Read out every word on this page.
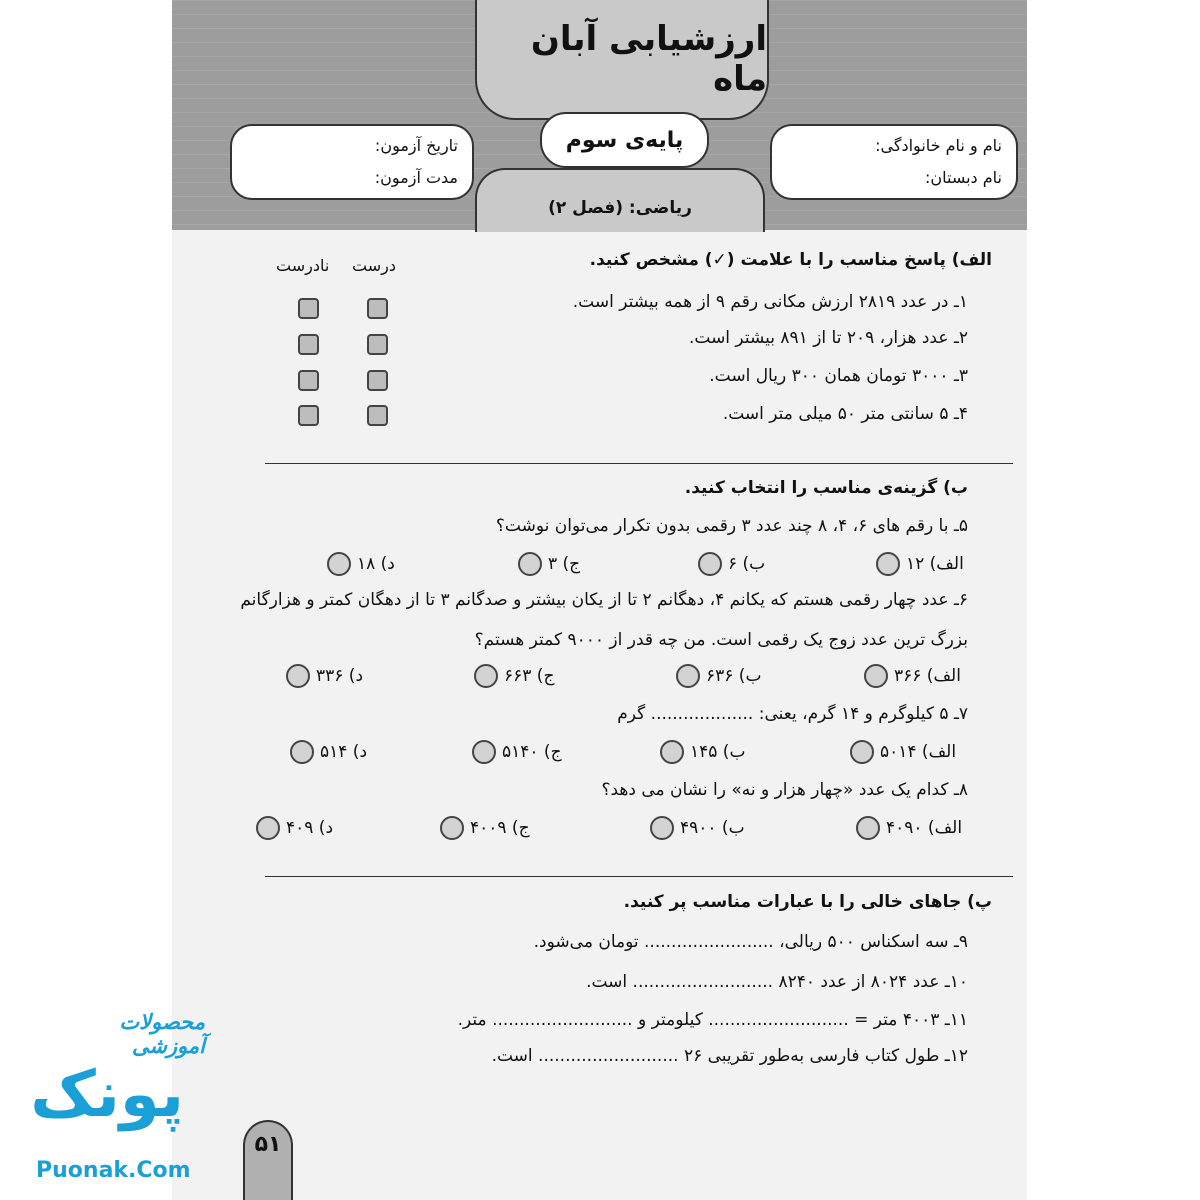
ارزشیابی آبان ماه
نام و نام خانوادگی:
نام دبستان:
تاریخ آزمون:
مدت آزمون:
ریاضی: (فصل ۲)
پایه‌ی سوم
الف) پاسخ مناسب را با علامت (✓) مشخص کنید.
درست
نادرست
۱ـ در عدد ۲۸۱۹ ارزش مکانی رقم ۹ از همه بیشتر است.
۲ـ عدد هزار، ۲۰۹ تا از ۸۹۱ بیشتر است.
۳ـ ۳۰۰۰ تومان همان ۳۰۰ ریال است.
۴ـ ۵ سانتی متر ۵۰ میلی متر است.
ب) گزینه‌ی مناسب را انتخاب کنید.
۵ـ با رقم های ۶، ۴، ۸ چند عدد ۳ رقمی بدون تکرار می‌توان نوشت؟
الف) ۱۲
ب) ۶
ج) ۳
د) ۱۸
۶ـ عدد چهار رقمی هستم که یکانم ۴، دهگانم ۲ تا از یکان بیشتر و صدگانم ۳ تا از دهگان کمتر و هزارگانم
بزرگ ترین عدد زوج یک رقمی است. من چه قدر از ۹۰۰۰ کمتر هستم؟
الف) ۳۶۶
ب) ۶۳۶
ج) ۶۶۳
د) ۳۳۶
۷ـ ۵ کیلوگرم و ۱۴ گرم، یعنی: ................... گرم
الف) ۵۰۱۴
ب) ۱۴۵
ج) ۵۱۴۰
د) ۵۱۴
۸ـ کدام یک عدد «چهار هزار و نه» را نشان می دهد؟
الف) ۴۰۹۰
ب) ۴۹۰۰
ج) ۴۰۰۹
د) ۴۰۹
پ) جاهای خالی را با عبارات مناسب پر کنید.
۹ـ سه اسکناس ۵۰۰ ریالی، ........................ تومان می‌شود.
۱۰ـ عدد ۸۰۲۴ از عدد ۸۲۴۰ .......................... است.
۱۱ـ ۴۰۰۳ متر = .......................... کیلومتر و .......................... متر.
۱۲ـ طول کتاب فارسی به‌طور تقریبی ۲۶ .......................... است.
۵۱
محصولات آموزشی
پونک
Puonak.Com
